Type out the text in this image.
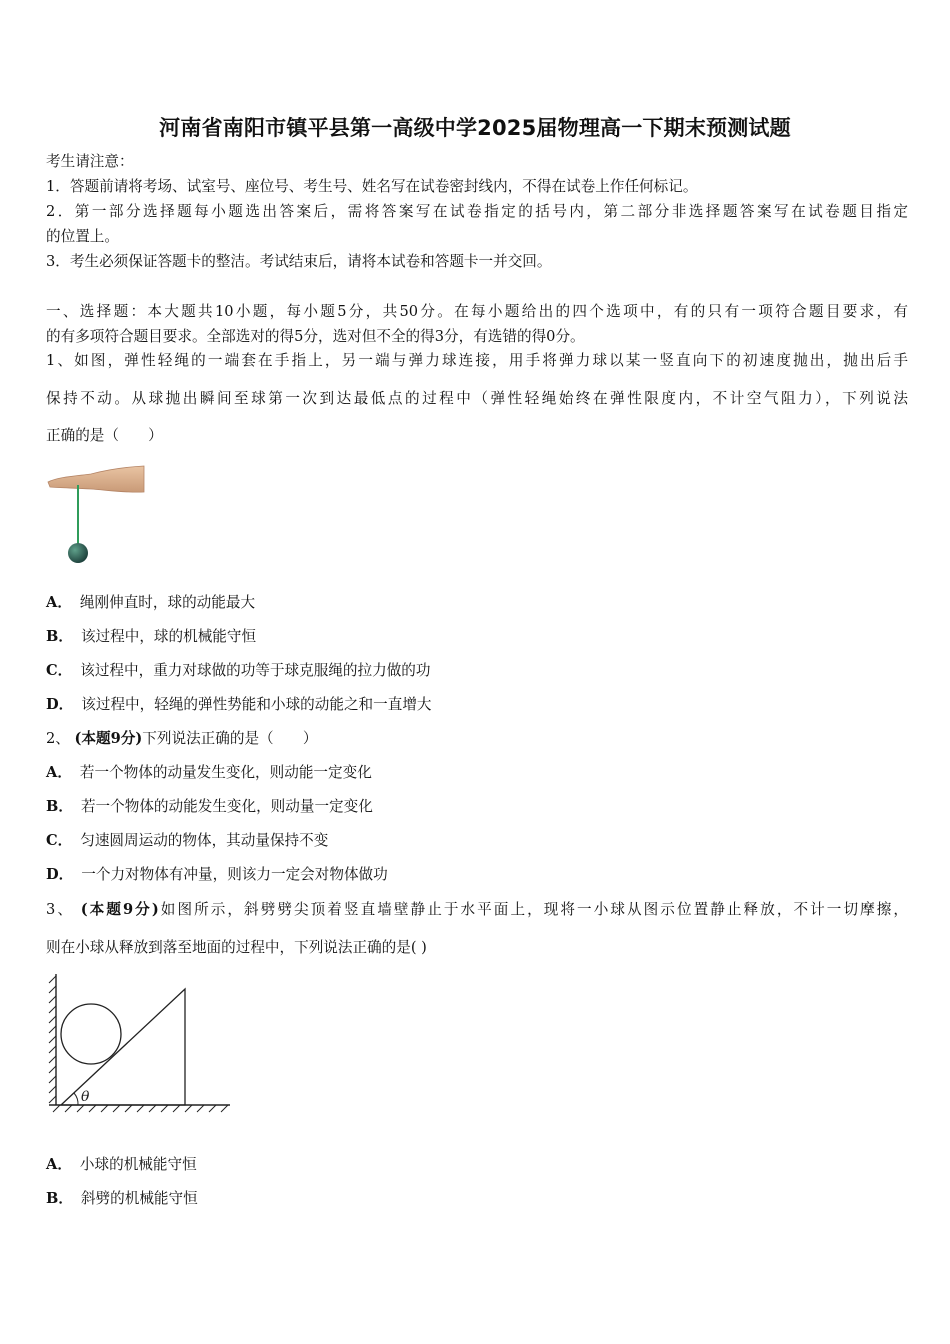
河南省南阳市镇平县第一高级中学2025届物理高一下期末预测试题
考生请注意：
1．答题前请将考场、试室号、座位号、考生号、姓名写在试卷密封线内，不得在试卷上作任何标记。
2．第一部分选择题每小题选出答案后，需将答案写在试卷指定的括号内，第二部分非选择题答案写在试卷题目指定
的位置上。
3．考生必须保证答题卡的整洁。考试结束后，请将本试卷和答题卡一并交回。
一、选择题：本大题共10小题，每小题5分，共50分。在每小题给出的四个选项中，有的只有一项符合题目要求，有
的有多项符合题目要求。全部选对的得5分，选对但不全的得3分，有选错的得0分。
1、如图，弹性轻绳的一端套在手指上，另一端与弹力球连接，用手将弹力球以某一竖直向下的初速度抛出，抛出后手
保持不动。从球抛出瞬间至球第一次到达最低点的过程中（弹性轻绳始终在弹性限度内，不计空气阻力），下列说法
正确的是（　　）
A． 绳刚伸直时，球的动能最大
B． 该过程中，球的机械能守恒
C． 该过程中，重力对球做的功等于球克服绳的拉力做的功
D． 该过程中，轻绳的弹性势能和小球的动能之和一直增大
2、 (本题9分)下列说法正确的是（　　）
A． 若一个物体的动量发生变化，则动能一定变化
B． 若一个物体的动能发生变化，则动量一定变化
C． 匀速圆周运动的物体，其动量保持不变
D． 一个力对物体有冲量，则该力一定会对物体做功
3、 (本题9分)如图所示，斜劈劈尖顶着竖直墙壁静止于水平面上，现将一小球从图示位置静止释放，不计一切摩擦，
则在小球从释放到落至地面的过程中，下列说法正确的是( )
θ
A． 小球的机械能守恒
B． 斜劈的机械能守恒
